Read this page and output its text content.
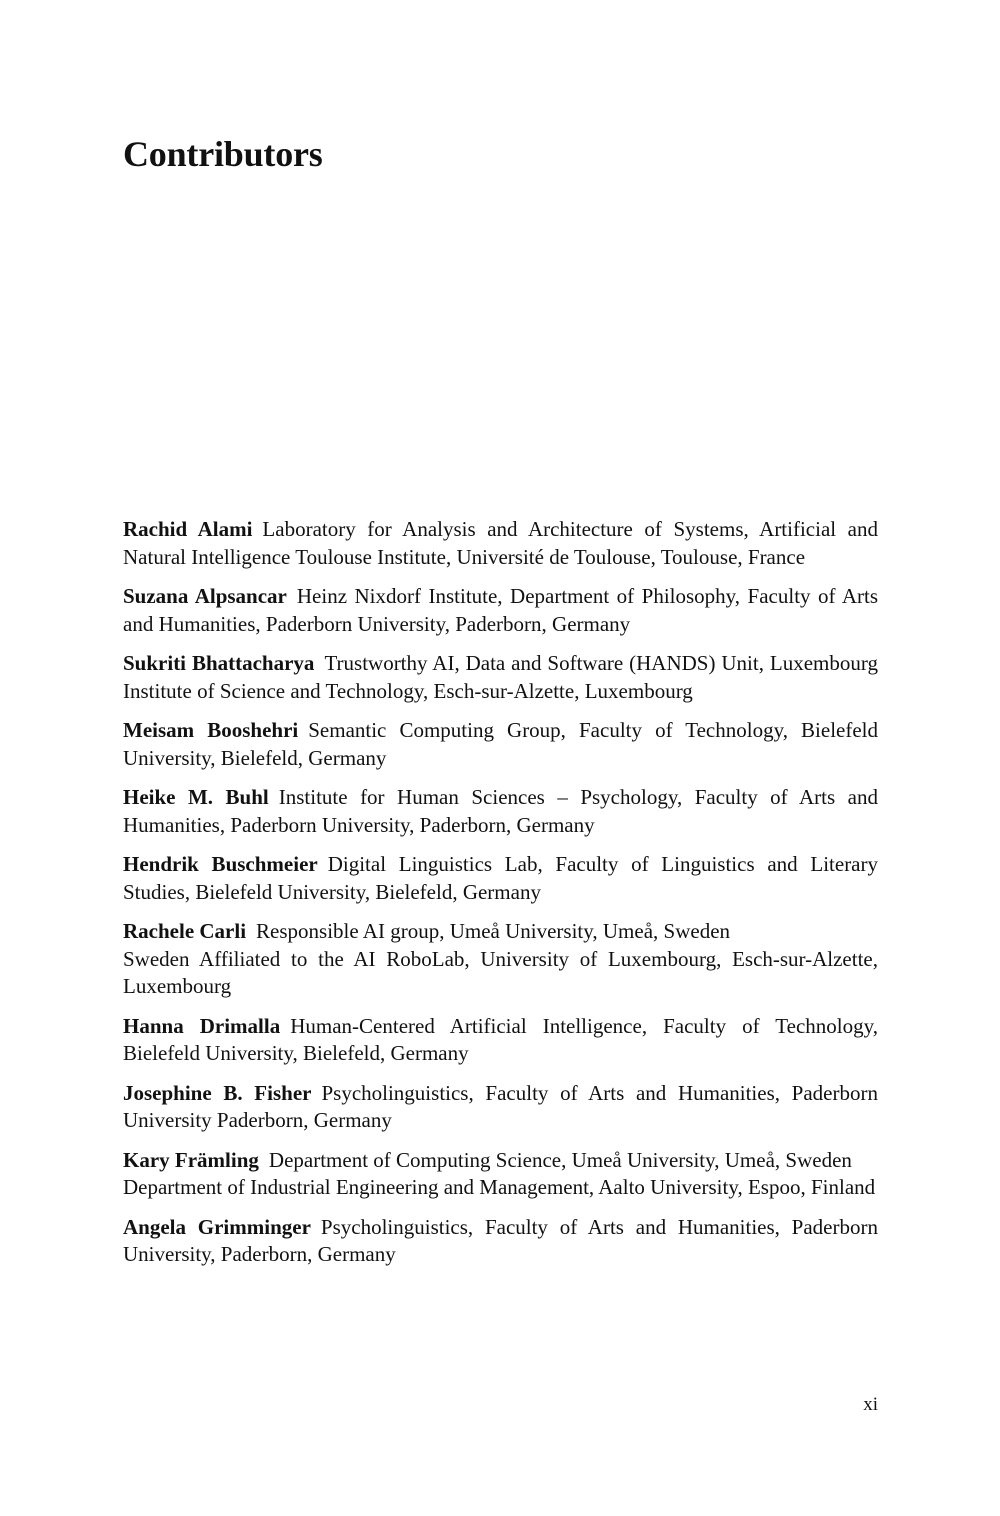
Contributors

Rachid Alami Laboratory for Analysis and Architecture of Systems, Artificial and Natural Intelligence Toulouse Institute, Université de Toulouse, Toulouse, France

Suzana Alpsancar Heinz Nixdorf Institute, Department of Philosophy, Faculty of Arts and Humanities, Paderborn University, Paderborn, Germany

Sukriti Bhattacharya Trustworthy AI, Data and Software (HANDS) Unit, Luxembourg Institute of Science and Technology, Esch-sur-Alzette, Luxembourg

Meisam Booshehri Semantic Computing Group, Faculty of Technology, Bielefeld University, Bielefeld, Germany

Heike M. Buhl Institute for Human Sciences – Psychology, Faculty of Arts and Humanities, Paderborn University, Paderborn, Germany

Hendrik Buschmeier Digital Linguistics Lab, Faculty of Linguistics and Literary Studies, Bielefeld University, Bielefeld, Germany

Rachele Carli Responsible AI group, Umeå University, Umeå, Sweden
Sweden Affiliated to the AI RoboLab, University of Luxembourg, Esch-sur-Alzette, Luxembourg

Hanna Drimalla Human-Centered Artificial Intelligence, Faculty of Technology, Bielefeld University, Bielefeld, Germany

Josephine B. Fisher Psycholinguistics, Faculty of Arts and Humanities, Paderborn University Paderborn, Germany

Kary Främling Department of Computing Science, Umeå University, Umeå, Sweden
Department of Industrial Engineering and Management, Aalto University, Espoo, Finland

Angela Grimminger Psycholinguistics, Faculty of Arts and Humanities, Paderborn University, Paderborn, Germany

xi
